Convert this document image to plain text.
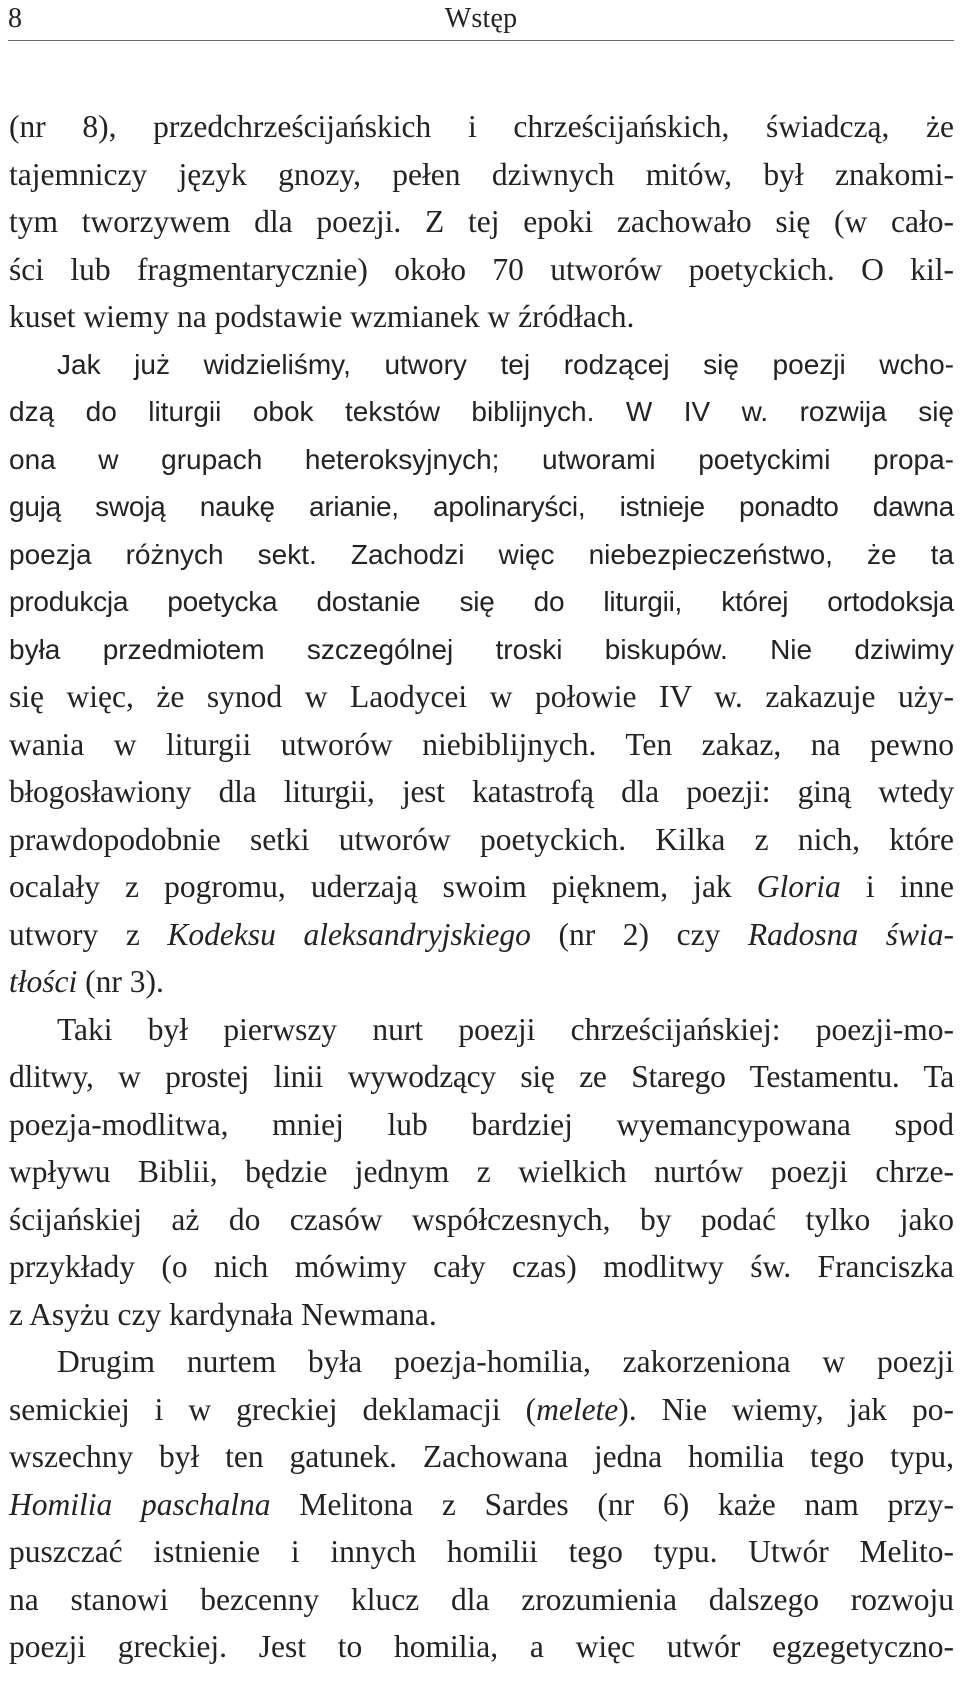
8	Wstęp
(nr 8), przedchrześcijańskich i chrześcijańskich, świadczą, że
tajemniczy język gnozy, pełen dziwnych mitów, był znakomi-
tym tworzywem dla poezji. Z tej epoki zachowało się (w cało-
ści lub fragmentarycznie) około 70 utworów poetyckich. O kil-
kuset wiemy na podstawie wzmianek w źródłach.
Jak już widzieliśmy, utwory tej rodzącej się poezji wcho-
dzą do liturgii obok tekstów biblijnych. W IV w. rozwija się
ona w grupach heteroksyjnych; utworami poetyckimi propa-
gują swoją naukę arianie, apolinaryści, istnieje ponadto dawna
poezja różnych sekt. Zachodzi więc niebezpieczeństwo, że ta
produkcja poetycka dostanie się do liturgii, której ortodoksja
była przedmiotem szczególnej troski biskupów. Nie dziwimy
się więc, że synod w Laodycei w połowie IV w. zakazuje uży-
wania w liturgii utworów niebiblijnych. Ten zakaz, na pewno
błogosławiony dla liturgii, jest katastrofą dla poezji: giną wtedy
prawdopodobnie setki utworów poetyckich. Kilka z nich, które
ocalały z pogromu, uderzają swoim pięknem, jak Gloria i inne
utwory z Kodeksu aleksandryjskiego (nr 2) czy Radosna świa-
tłości (nr 3).
Taki był pierwszy nurt poezji chrześcijańskiej: poezji-mo-
dlitwy, w prostej linii wywodzący się ze Starego Testamentu. Ta
poezja-modlitwa, mniej lub bardziej wyemancypowana spod
wpływu Biblii, będzie jednym z wielkich nurtów poezji chrze-
ścijańskiej aż do czasów współczesnych, by podać tylko jako
przykłady (o nich mówimy cały czas) modlitwy św. Franciszka
z Asyżu czy kardynała Newmana.
Drugim nurtem była poezja-homilia, zakorzeniona w poezji
semickiej i w greckiej deklamacji (melete). Nie wiemy, jak po-
wszechny był ten gatunek. Zachowana jedna homilia tego typu,
Homilia paschalna Melitona z Sardes (nr 6) każe nam przy-
puszczać istnienie i innych homilii tego typu. Utwór Melito-
na stanowi bezcenny klucz dla zrozumienia dalszego rozwoju
poezji greckiej. Jest to homilia, a więc utwór egzegetyczno-
